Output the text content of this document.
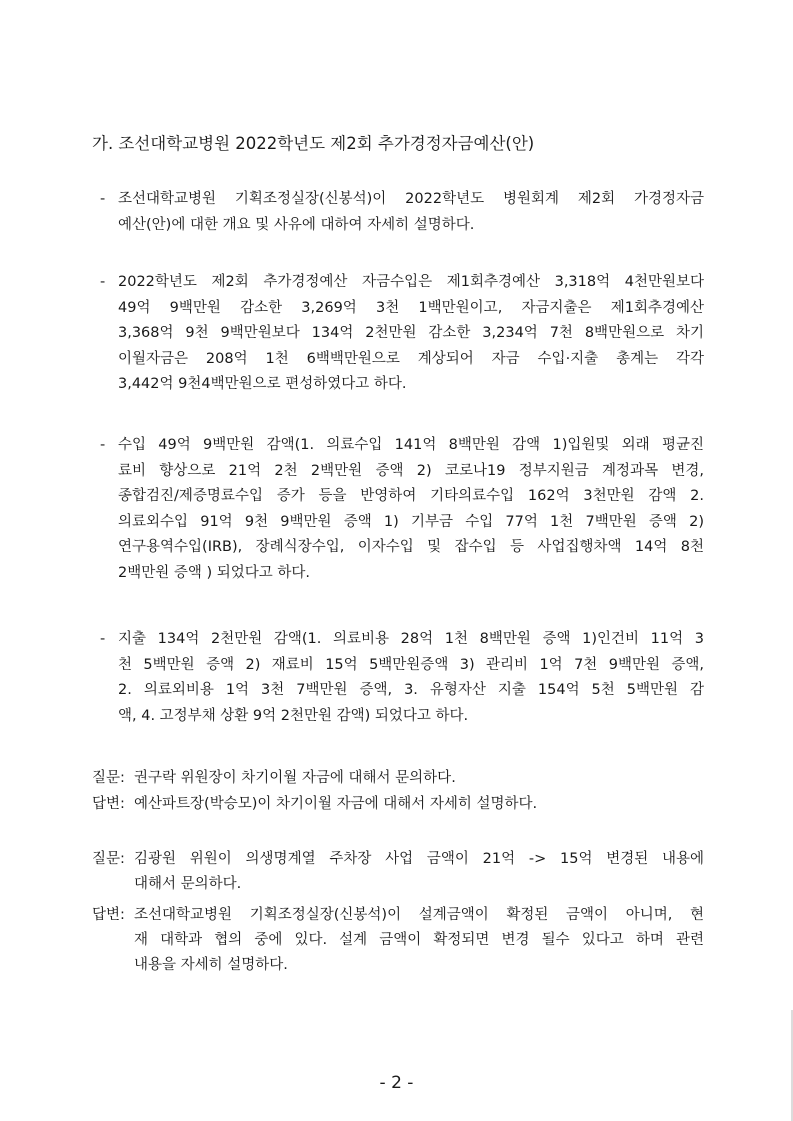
가. 조선대학교병원 2022학년도 제2회 추가경정자금예산(안)
- 조선대학교병원 기획조정실장(신봉석)이 2022학년도 병원회계 제2회 가경정자금
예산(안)에 대한 개요 및 사유에 대하여 자세히 설명하다.
- 2022학년도 제2회 추가경정예산 자금수입은 제1회추경예산 3,318억 4천만원보다
49억 9백만원 감소한 3,269억 3천 1백만원이고, 자금지출은 제1회추경예산
3,368억 9천 9백만원보다 134억 2천만원 감소한 3,234억 7천 8백만원으로 차기
이월자금은 208억 1천 6백백만원으로 계상되어 자금 수입·지출 총계는 각각
3,442억 9천4백만원으로 편성하였다고 하다.
- 수입 49억 9백만원 감액(1. 의료수입 141억 8백만원 감액 1)입원및 외래 평균진
료비 향상으로 21억 2천 2백만원 증액 2) 코로나19 정부지원금 계정과목 변경,
종합검진/제증명료수입 증가 등을 반영하여 기타의료수입 162억 3천만원 감액 2.
의료외수입 91억 9천 9백만원 증액 1) 기부금 수입 77억 1천 7백만원 증액 2)
연구용역수입(IRB), 장례식장수입, 이자수입 및 잡수입 등 사업집행차액 14억 8천
2백만원 증액 ) 되었다고 하다.
- 지출 134억 2천만원 감액(1. 의료비용 28억 1천 8백만원 증액 1)인건비 11억 3
천 5백만원 증액 2) 재료비 15억 5백만원증액 3) 관리비 1억 7천 9백만원 증액,
2. 의료외비용 1억 3천 7백만원 증액, 3. 유형자산 지출 154억 5천 5백만원 감
액, 4. 고정부채 상환 9억 2천만원 감액) 되었다고 하다.
질문: 권구락 위원장이 차기이월 자금에 대해서 문의하다.
답변: 예산파트장(박승모)이 차기이월 자금에 대해서 자세히 설명하다.
질문: 김광원 위원이 의생명계열 주차장 사업 금액이 21억 -> 15억 변경된 내용에
대해서 문의하다.
답변: 조선대학교병원 기획조정실장(신봉석)이 설계금액이 확정된 금액이 아니며, 현
재 대학과 협의 중에 있다. 설계 금액이 확정되면 변경 될수 있다고 하며 관련
내용을 자세히 설명하다.
- 2 -
